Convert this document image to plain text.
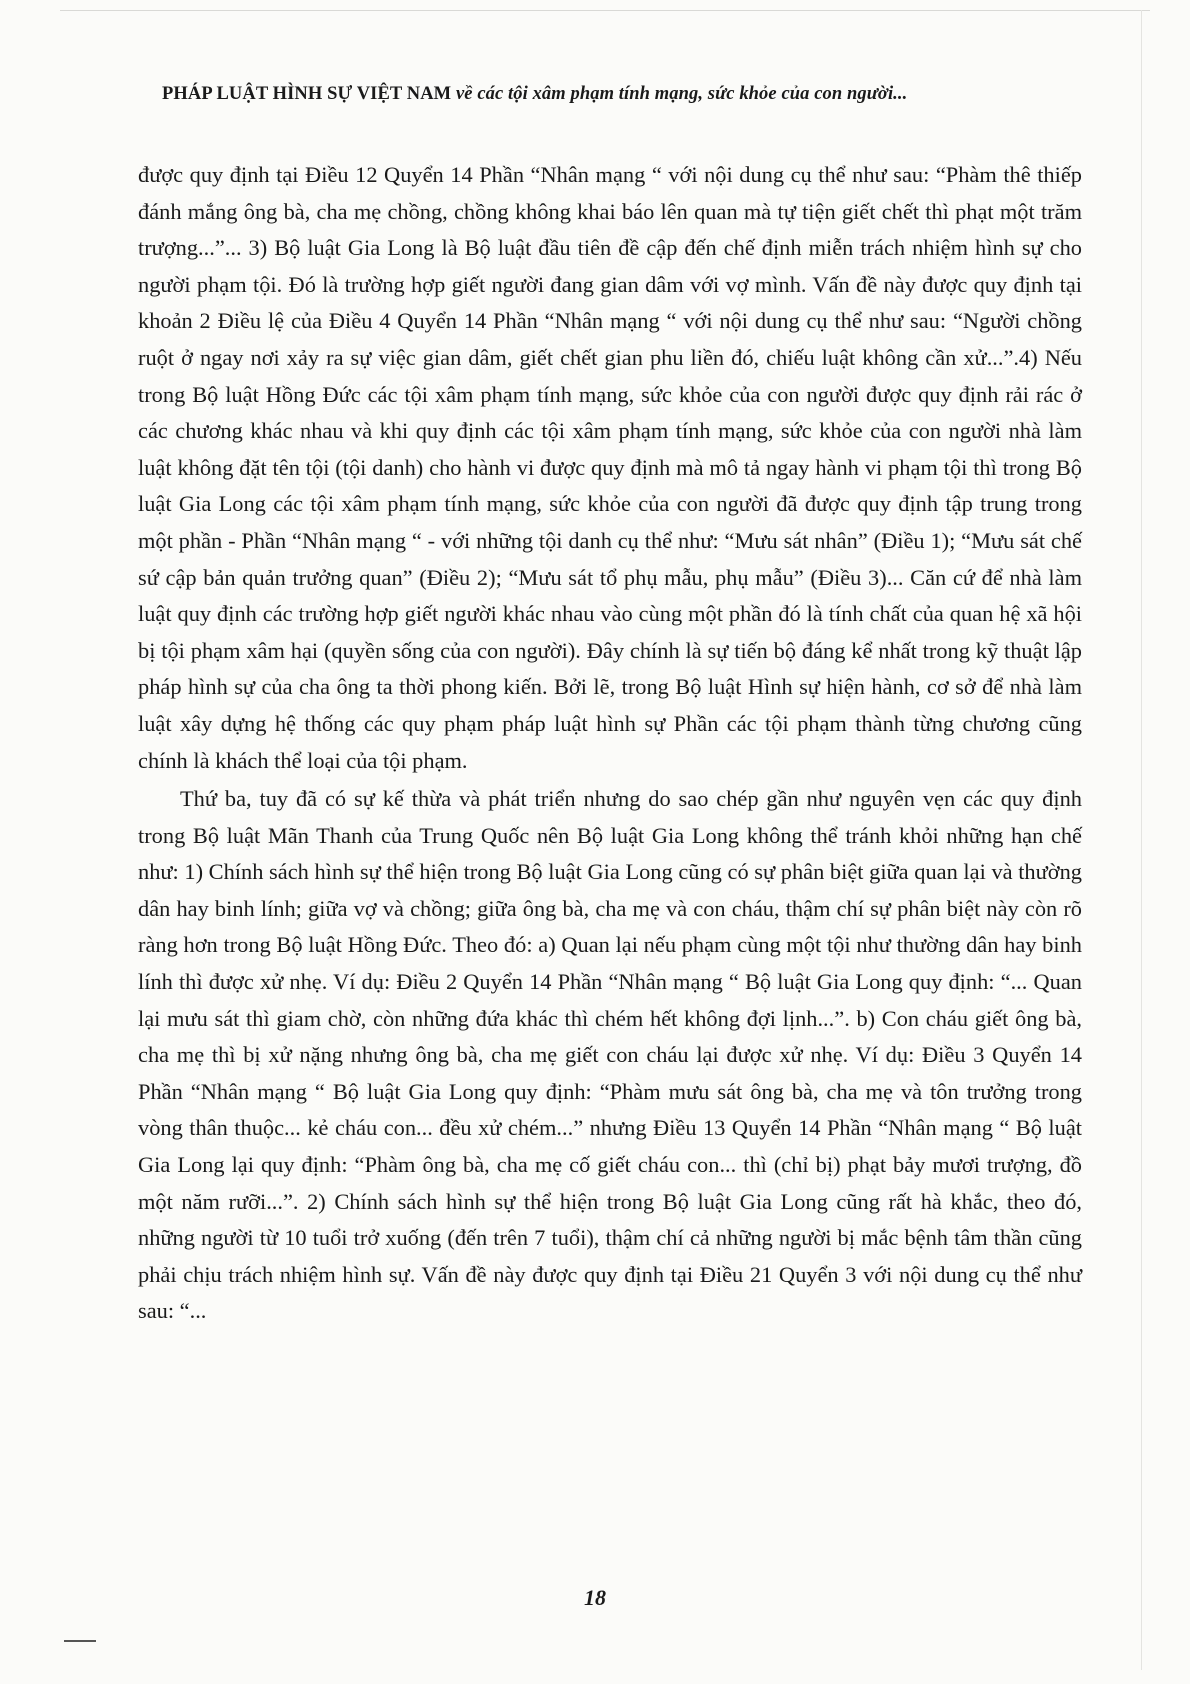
PHÁP LUẬT HÌNH SỰ VIỆT NAM về các tội xâm phạm tính mạng, sức khỏe của con người...

được quy định tại Điều 12 Quyển 14 Phần “Nhân mạng “ với nội dung cụ thể như sau: “Phàm thê thiếp đánh mắng ông bà, cha mẹ chồng, chồng không khai báo lên quan mà tự tiện giết chết thì phạt một trăm trượng...”... 3) Bộ luật Gia Long là Bộ luật đầu tiên đề cập đến chế định miễn trách nhiệm hình sự cho người phạm tội. Đó là trường hợp giết người đang gian dâm với vợ mình. Vấn đề này được quy định tại khoản 2 Điều lệ của Điều 4 Quyển 14 Phần “Nhân mạng “ với nội dung cụ thể như sau: “Người chồng ruột ở ngay nơi xảy ra sự việc gian dâm, giết chết gian phu liền đó, chiếu luật không cần xử...”.4) Nếu trong Bộ luật Hồng Đức các tội xâm phạm tính mạng, sức khỏe của con người được quy định rải rác ở các chương khác nhau và khi quy định các tội xâm phạm tính mạng, sức khỏe của con người nhà làm luật không đặt tên tội (tội danh) cho hành vi được quy định mà mô tả ngay hành vi phạm tội thì trong Bộ luật Gia Long các tội xâm phạm tính mạng, sức khỏe của con người đã được quy định tập trung trong một phần - Phần “Nhân mạng “ - với những tội danh cụ thể như: “Mưu sát nhân” (Điều 1); “Mưu sát chế sứ cập bản quản trưởng quan” (Điều 2); “Mưu sát tổ phụ mẫu, phụ mẫu” (Điều 3)... Căn cứ để nhà làm luật quy định các trường hợp giết người khác nhau vào cùng một phần đó là tính chất của quan hệ xã hội bị tội phạm xâm hại (quyền sống của con người). Đây chính là sự tiến bộ đáng kể nhất trong kỹ thuật lập pháp hình sự của cha ông ta thời phong kiến. Bởi lẽ, trong Bộ luật Hình sự hiện hành, cơ sở để nhà làm luật xây dựng hệ thống các quy phạm pháp luật hình sự Phần các tội phạm thành từng chương cũng chính là khách thể loại của tội phạm.

Thứ ba, tuy đã có sự kế thừa và phát triển nhưng do sao chép gần như nguyên vẹn các quy định trong Bộ luật Mãn Thanh của Trung Quốc nên Bộ luật Gia Long không thể tránh khỏi những hạn chế như: 1) Chính sách hình sự thể hiện trong Bộ luật Gia Long cũng có sự phân biệt giữa quan lại và thường dân hay binh lính; giữa vợ và chồng; giữa ông bà, cha mẹ và con cháu, thậm chí sự phân biệt này còn rõ ràng hơn trong Bộ luật Hồng Đức. Theo đó: a) Quan lại nếu phạm cùng một tội như thường dân hay binh lính thì được xử nhẹ. Ví dụ: Điều 2 Quyển 14 Phần “Nhân mạng “ Bộ luật Gia Long quy định: “... Quan lại mưu sát thì giam chờ, còn những đứa khác thì chém hết không đợi lịnh...”. b) Con cháu giết ông bà, cha mẹ thì bị xử nặng nhưng ông bà, cha mẹ giết con cháu lại được xử nhẹ. Ví dụ: Điều 3 Quyển 14 Phần “Nhân mạng “ Bộ luật Gia Long quy định: “Phàm mưu sát ông bà, cha mẹ và tôn trưởng trong vòng thân thuộc... kẻ cháu con... đều xử chém...” nhưng Điều 13 Quyển 14 Phần “Nhân mạng “ Bộ luật Gia Long lại quy định: “Phàm ông bà, cha mẹ cố giết cháu con... thì (chỉ bị) phạt bảy mươi trượng, đồ một năm rưỡi...”. 2) Chính sách hình sự thể hiện trong Bộ luật Gia Long cũng rất hà khắc, theo đó, những người từ 10 tuổi trở xuống (đến trên 7 tuổi), thậm chí cả những người bị mắc bệnh tâm thần cũng phải chịu trách nhiệm hình sự. Vấn đề này được quy định tại Điều 21 Quyển 3 với nội dung cụ thể như sau: “...

18
